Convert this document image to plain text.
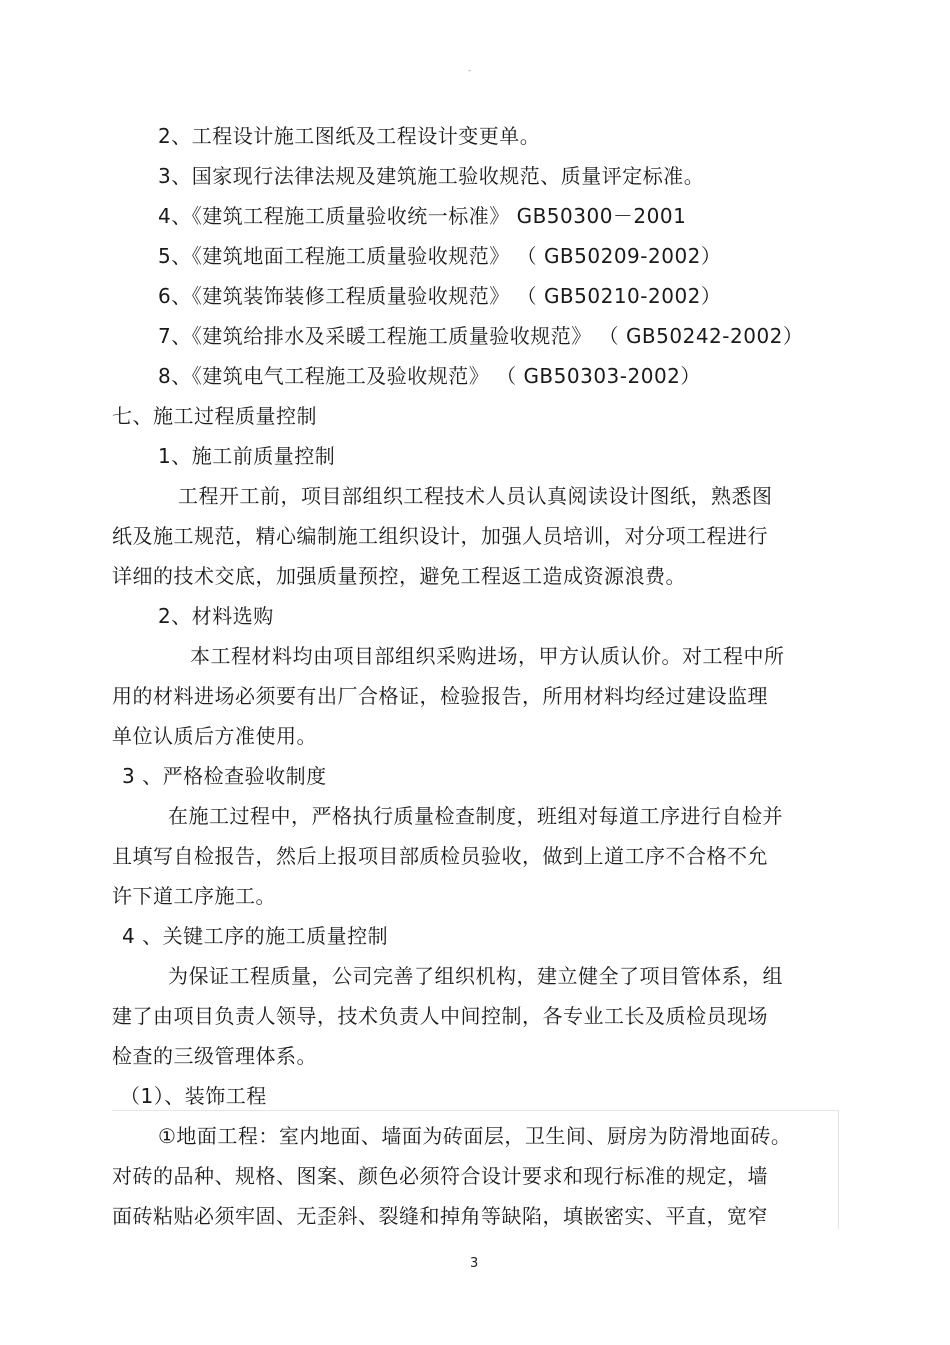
-
2、工程设计施工图纸及工程设计变更单。
3、国家现行法律法规及建筑施工验收规范、质量评定标准。
4、《建筑工程施工质量验收统一标准》 GB50300－2001
5、《建筑地面工程施工质量验收规范》 （ GB50209-2002）
6、《建筑装饰装修工程质量验收规范》 （ GB50210-2002）
7、《建筑给排水及采暖工程施工质量验收规范》 （ GB50242-2002）
8、《建筑电气工程施工及验收规范》 （ GB50303-2002）
七、施工过程质量控制
1、施工前质量控制
工程开工前，项目部组织工程技术人员认真阅读设计图纸，熟悉图
纸及施工规范，精心编制施工组织设计，加强人员培训，对分项工程进行
详细的技术交底，加强质量预控，避免工程返工造成资源浪费。
2、材料选购
本工程材料均由项目部组织采购进场，甲方认质认价。对工程中所
用的材料进场必须要有出厂合格证，检验报告，所用材料均经过建设监理
单位认质后方准使用。
3 、严格检查验收制度
在施工过程中，严格执行质量检查制度，班组对每道工序进行自检并
且填写自检报告，然后上报项目部质检员验收，做到上道工序不合格不允
许下道工序施工。
4 、关键工序的施工质量控制
为保证工程质量，公司完善了组织机构，建立健全了项目管体系，组
建了由项目负责人领导，技术负责人中间控制，各专业工长及质检员现场
检查的三级管理体系。
（1）、装饰工程
①地面工程：室内地面、墙面为砖面层，卫生间、厨房为防滑地面砖。
对砖的品种、规格、图案、颜色必须符合设计要求和现行标准的规定，墙
面砖粘贴必须牢固、无歪斜、裂缝和掉角等缺陷，填嵌密实、平直，宽窄
3
